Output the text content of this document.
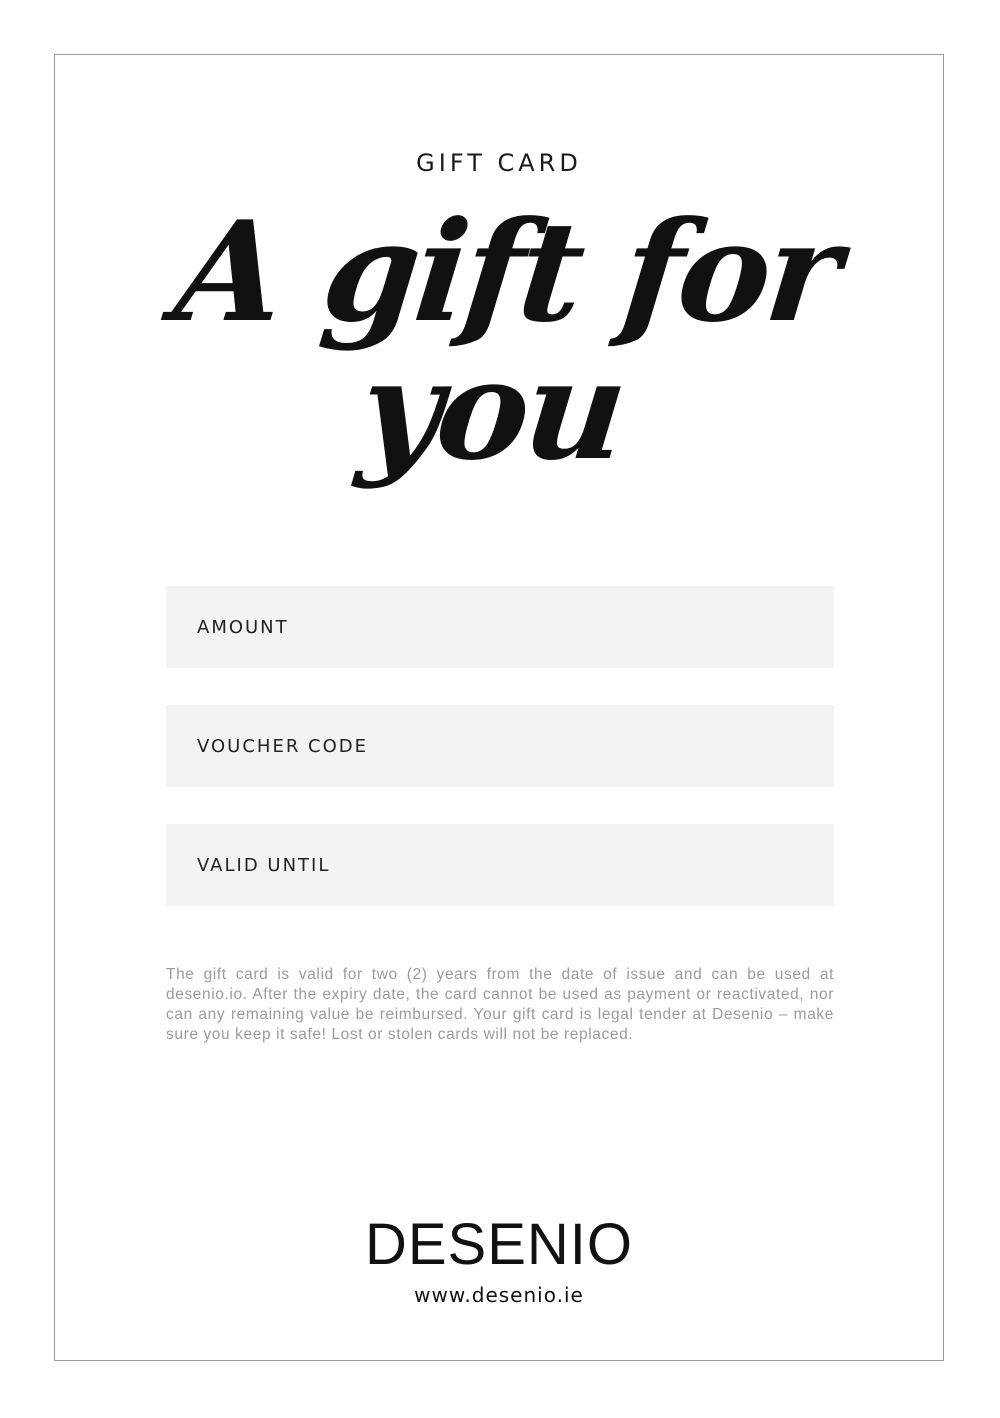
GIFT CARD
A gift for you
AMOUNT
VOUCHER CODE
VALID UNTIL
The gift card is valid for two (2) years from the date of issue and can be used at desenio.io. After the expiry date, the card cannot be used as payment or reactivated, nor can any remaining value be reimbursed. Your gift card is legal tender at Desenio – make sure you keep it safe! Lost or stolen cards will not be replaced.
DESENIO
www.desenio.ie
